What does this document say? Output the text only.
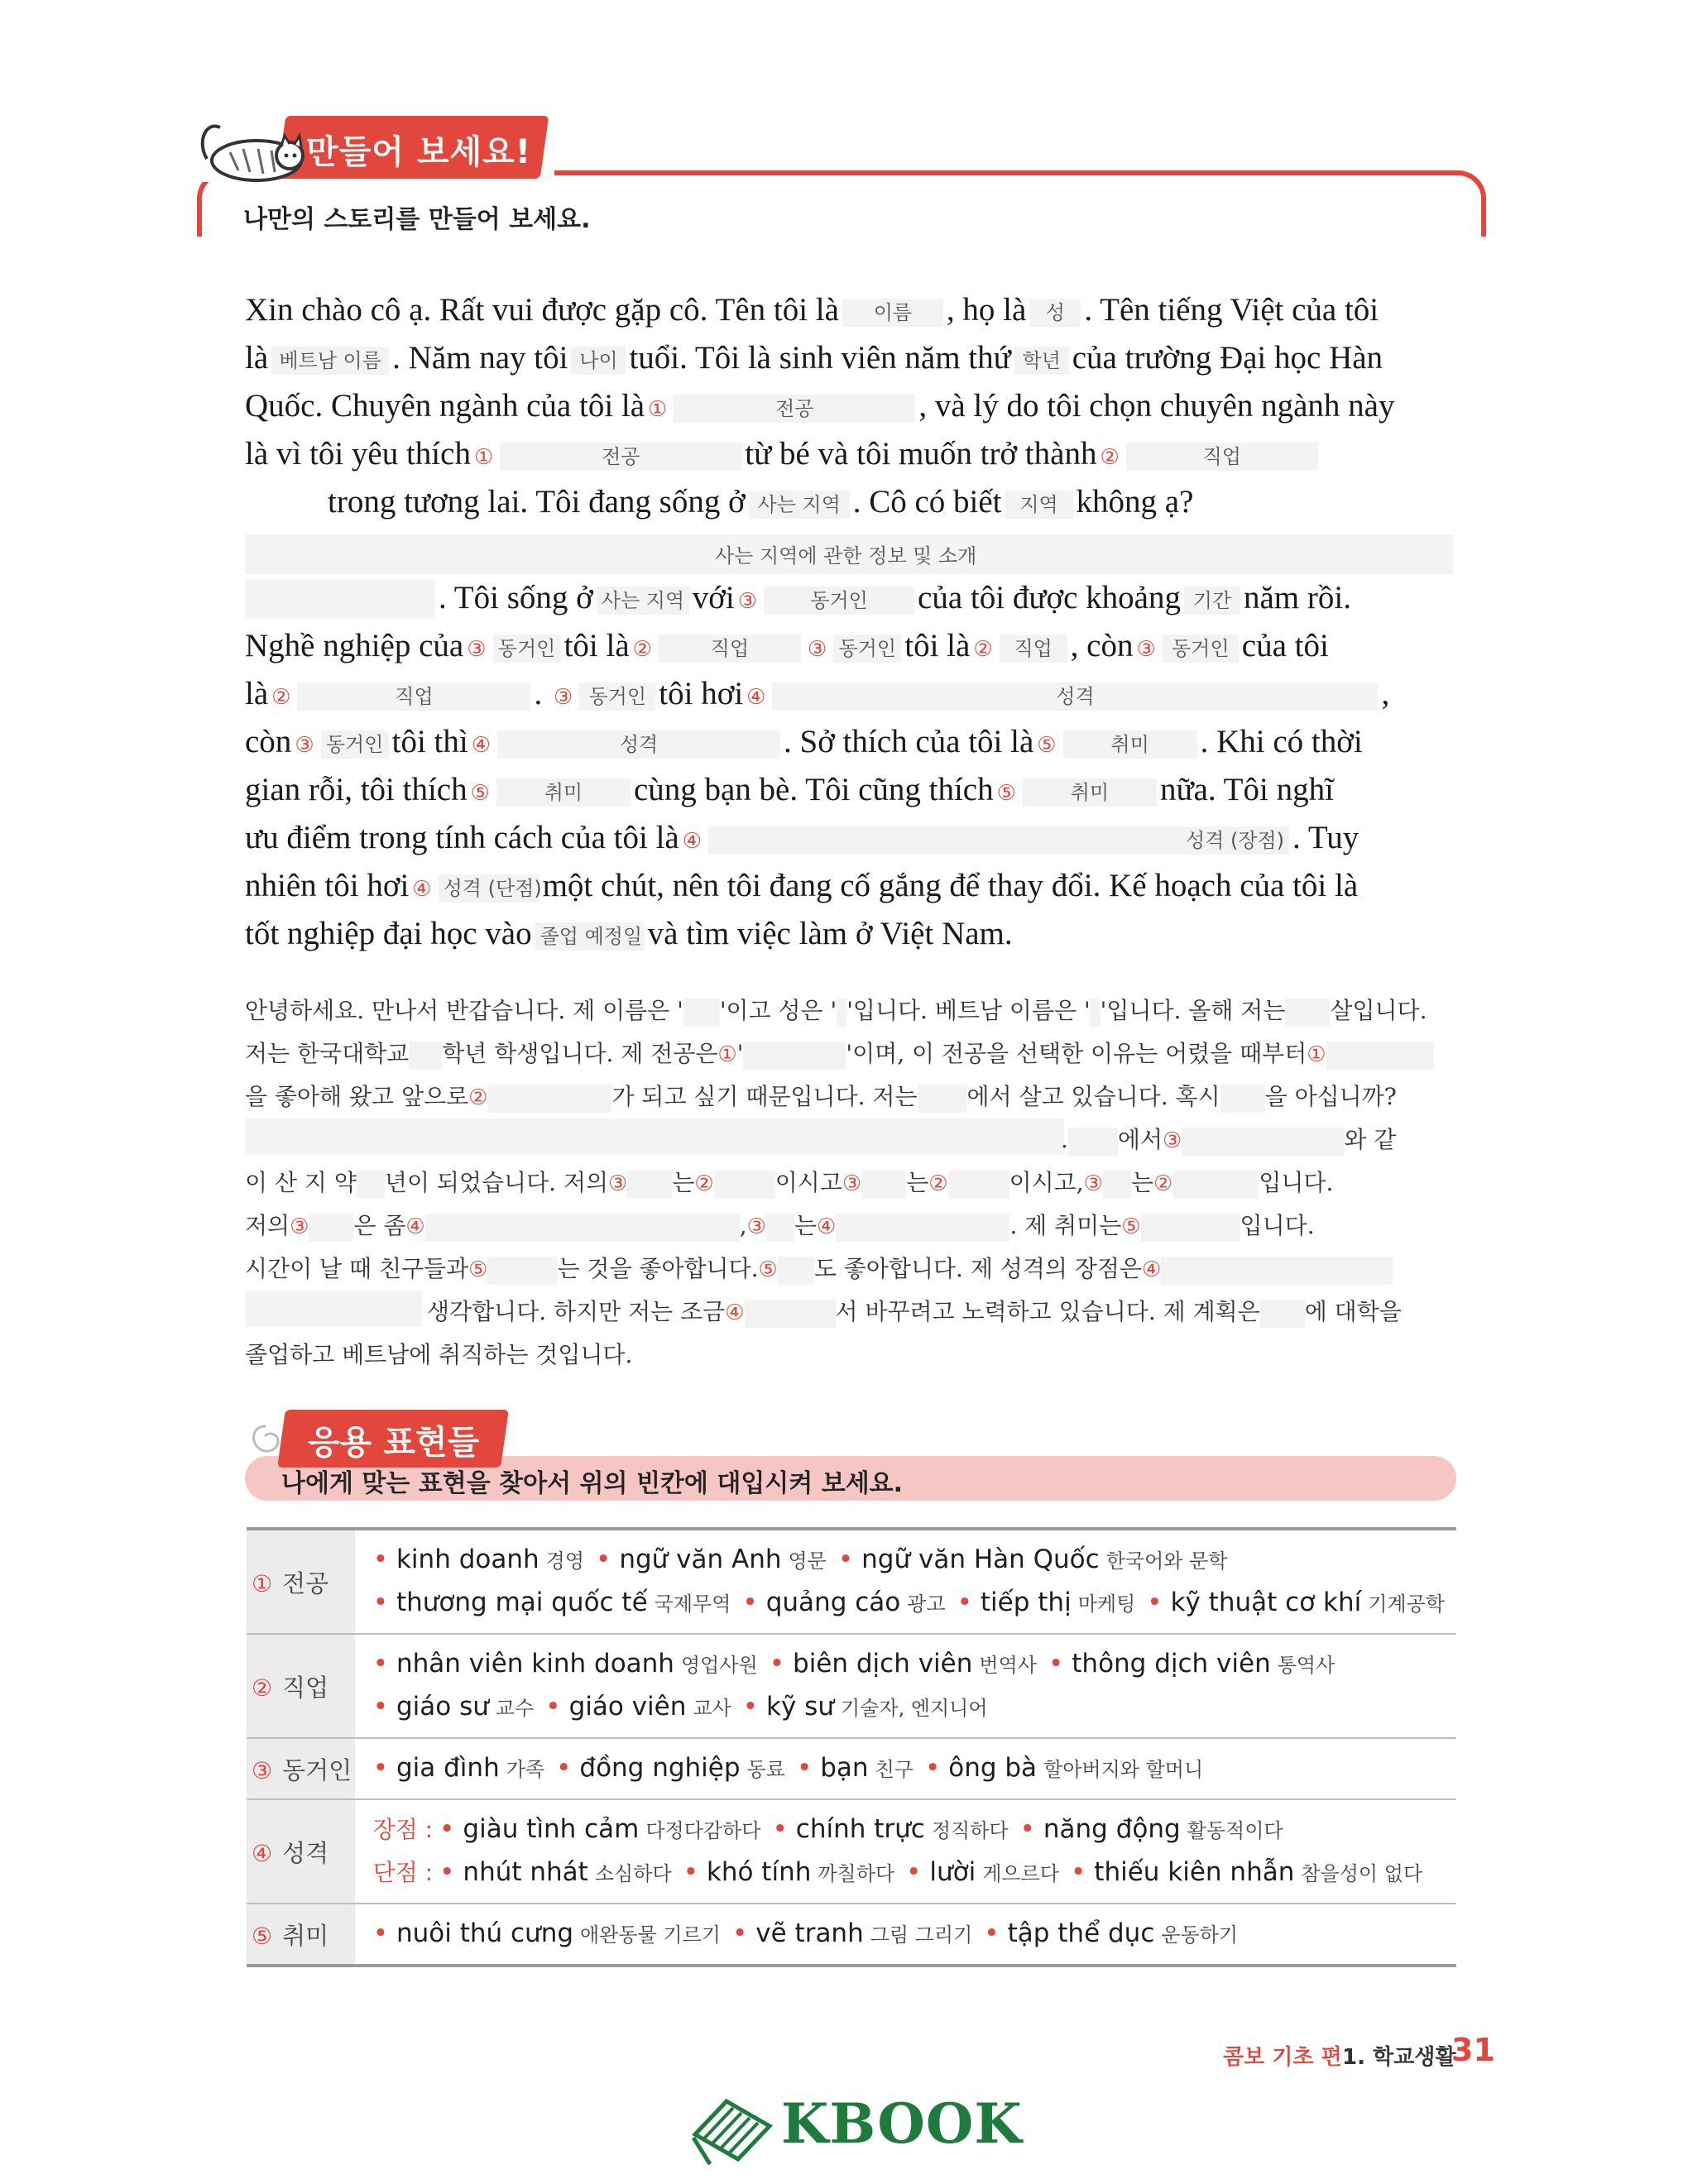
만들어 보세요!
나만의 스토리를 만들어 보세요.
Xin chào cô ạ. Rất vui được gặp cô. Tên tôi là 이름 , họ là 성 . Tên tiếng Việt của tôi
là 베트남 이름 . Năm nay tôi 나이 tuổi. Tôi là sinh viên năm thứ 학년 của trường Đại học Hàn
Quốc. Chuyên ngành của tôi là ①	전공	, và lý do tôi chọn chuyên ngành này
là vì tôi yêu thích ①	전공	từ bé và tôi muốn trở thành ②	직업
trong tương lai. Tôi đang sống ở 사는 지역 . Cô có biết 지역 không ạ?
사는 지역에 관한 정보 및 소개
. Tôi sống ở 사는 지역 với ③	동거인 của tôi được khoảng 기간 năm rồi.
Nghề nghiệp của ③ 동거인 tôi là ②	직업	③ 동거인 tôi là ② 직업 , còn ③ 동거인 của tôi
là ②	직업	. ③ 동거인 tôi hơi ④	성격	,
còn ③ 동거인 tôi thì ④	성격	. Sở thích của tôi là ⑤	취미 . Khi có thời
gian rỗi, tôi thích ⑤	취미 cùng bạn bè. Tôi cũng thích ⑤	취미 nữa. Tôi nghĩ
ưu điểm trong tính cách của tôi là ④	성격 (장점) . Tuy
nhiên tôi hơi ④ 성격 (단점)một chút, nên tôi đang cố gắng để thay đổi. Kế hoạch của tôi là
tốt nghiệp đại học vào 졸업 예정일 và tìm việc làm ở Việt Nam.
안녕하세요. 만나서 반갑습니다. 제 이름은 ' '이고 성은 ' '입니다. 베트남 이름은 ' '입니다. 올해 저는 살입니다.
저는 한국대학교 학년 학생입니다. 제 전공은①'	'이며, 이 전공을 선택한 이유는 어렸을 때부터①
을 좋아해 왔고 앞으로②	가 되고 싶기 때문입니다. 저는 에서 살고 있습니다. 혹시 을 아십니까?
. 에서③	와 같
이 산 지 약 년이 되었습니다. 저의③ 는②	이시고③ 는②	이시고,③ 는②	입니다.
저의③ 은 좀④	,③ 는④	. 제 취미는⑤	입니다.
시간이 날 때 친구들과⑤	는 것을 좋아합니다.⑤ 도 좋아합니다. 제 성격의 장점은④
생각합니다. 하지만 저는 조금④	서 바꾸려고 노력하고 있습니다. 제 계획은 에 대학을
졸업하고 베트남에 취직하는 것입니다.
응용 표현들
나에게 맞는 표현을 찾아서 위의 빈칸에 대입시켜 보세요.
① 전공	• kinh doanh 경영 • ngữ văn Anh 영문 • ngữ văn Hàn Quốc 한국어와 문학
• thương mại quốc tế 국제무역 • quảng cáo 광고 • tiếp thị 마케팅 • kỹ thuật cơ khí 기계공학

② 직업	• nhân viên kinh doanh 영업사원 • biên dịch viên 번역사 • thông dịch viên 통역사
• giáo sư 교수 • giáo viên 교사 • kỹ sư 기술자, 엔지니어

③ 동거인	• gia đình 가족 • đồng nghiệp 동료 • bạn 친구 • ông bà 할아버지와 할머니

④ 성격	장점 : • giàu tình cảm 다정다감하다 • chính trực 정직하다 • năng động 활동적이다
단점 : • nhút nhát 소심하다 • khó tính 까칠하다 • lười 게으르다 • thiếu kiên nhẫn 참을성이 없다

⑤ 취미	• nuôi thú cưng 애완동물 기르기 • vẽ tranh 그림 그리기 • tập thể dục 운동하기
콤보 기초 편 1. 학교생활
31
KBOOK
